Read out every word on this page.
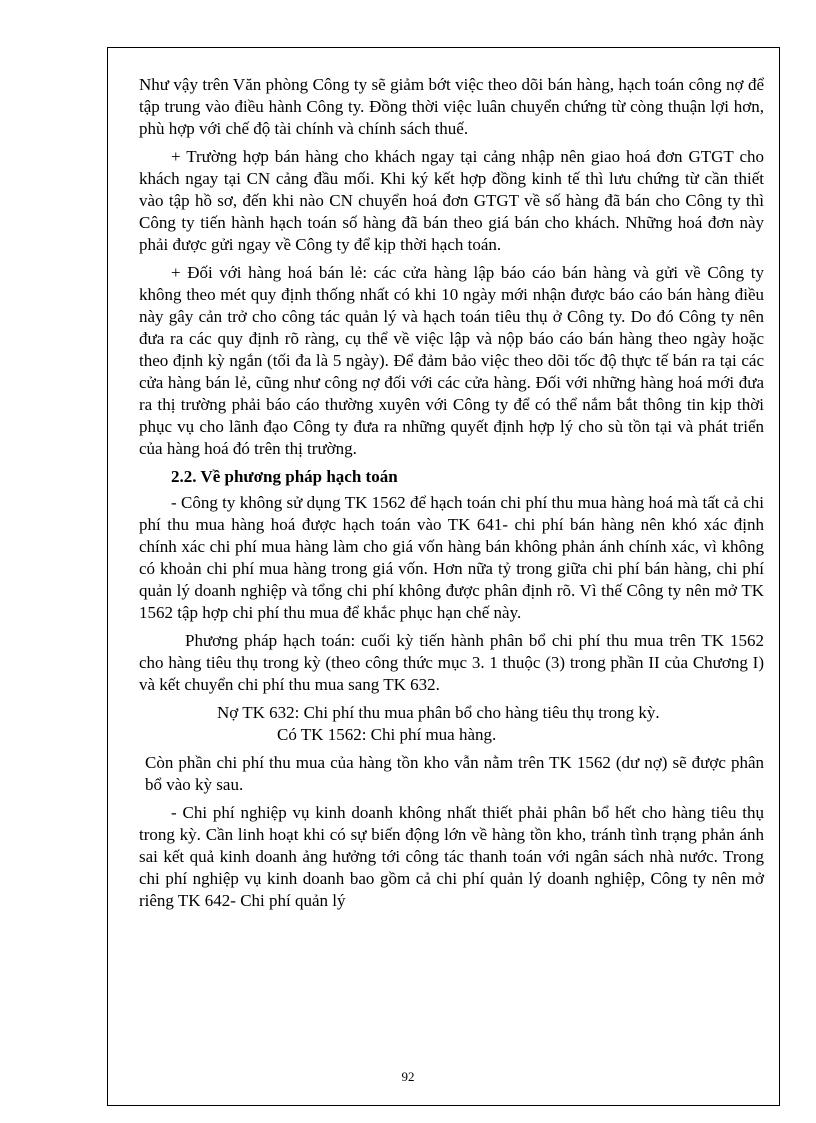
Như vậy trên Văn phòng Công ty sẽ giảm bớt việc theo dõi bán hàng, hạch toán công nợ để tập trung vào điều hành Công ty. Đồng thời việc luân chuyển chứng từ còng thuận lợi hơn, phù hợp với chế độ tài chính và chính sách thuế.

+ Trường hợp bán hàng cho khách ngay tại cảng nhập nên giao hoá đơn GTGT cho khách ngay tại CN cảng đầu mối. Khi ký kết hợp đồng kinh tế thì lưu chứng từ cần thiết vào tập hồ sơ, đến khi nào CN chuyển hoá đơn GTGT về số hàng đã bán cho Công ty thì Công ty tiến hành hạch toán số hàng đã bán theo giá bán cho khách. Những hoá đơn này phải được gửi ngay về Công ty để kịp thời hạch toán.

+ Đối với hàng hoá bán lẻ: các cửa hàng lập báo cáo bán hàng và gửi về Công ty không theo mét quy định thống nhất có khi 10 ngày mới nhận được báo cáo bán hàng điều này gây cản trở cho công tác quản lý và hạch toán tiêu thụ ở Công ty. Do đó Công ty nên đưa ra các quy định rõ ràng, cụ thể về việc lập và nộp báo cáo bán hàng theo ngày hoặc theo định kỳ ngắn (tối đa là 5 ngày). Để đảm bảo việc theo dõi tốc độ thực tế bán ra tại các cửa hàng bán lẻ, cũng như công nợ đối với các cửa hàng. Đối với những hàng hoá mới đưa ra thị trường phải báo cáo thường xuyên với Công ty để có thể nắm bắt thông tin kịp thời phục vụ cho lãnh đạo Công ty đưa ra những quyết định hợp lý cho sù tồn tại và phát triển của hàng hoá đó trên thị trường.

2.2. Về phương pháp hạch toán

- Công ty không sử dụng TK 1562 để hạch toán chi phí thu mua hàng hoá mà tất cả chi phí thu mua hàng hoá được hạch toán vào TK 641- chi phí bán hàng nên khó xác định chính xác chi phí mua hàng làm cho giá vốn hàng bán không phản ánh chính xác, vì không có khoản chi phí mua hàng trong giá vốn. Hơn nữa tỷ trong giữa chi phí bán hàng, chi phí quản lý doanh nghiệp và tổng chi phí không được phân định rõ. Vì thế Công ty nên mở TK 1562 tập hợp chi phí thu mua để khắc phục hạn chế này.

Phương pháp hạch toán: cuối kỳ tiến hành phân bổ chi phí thu mua trên TK 1562 cho hàng tiêu thụ trong kỳ (theo công thức mục 3. 1 thuộc (3) trong phần II của Chương I) và kết chuyển chi phí thu mua sang TK 632.

Nợ TK 632: Chi phí thu mua phân bổ cho hàng tiêu thụ trong kỳ.

Có TK 1562: Chi phí mua hàng.

Còn phần chi phí thu mua của hàng tồn kho vẫn nằm trên TK 1562 (dư nợ) sẽ được phân bổ vào kỳ sau.

- Chi phí nghiệp vụ kinh doanh không nhất thiết phải phân bổ hết cho hàng tiêu thụ trong kỳ. Cần linh hoạt khi có sự biến động lớn về hàng tồn kho, tránh tình trạng phản ánh sai kết quả kinh doanh ảng hưởng tới công tác thanh toán với ngân sách nhà nước. Trong chi phí nghiệp vụ kinh doanh bao gồm cả chi phí quản lý doanh nghiệp, Công ty nên mở riêng TK 642- Chi phí quản lý

92
